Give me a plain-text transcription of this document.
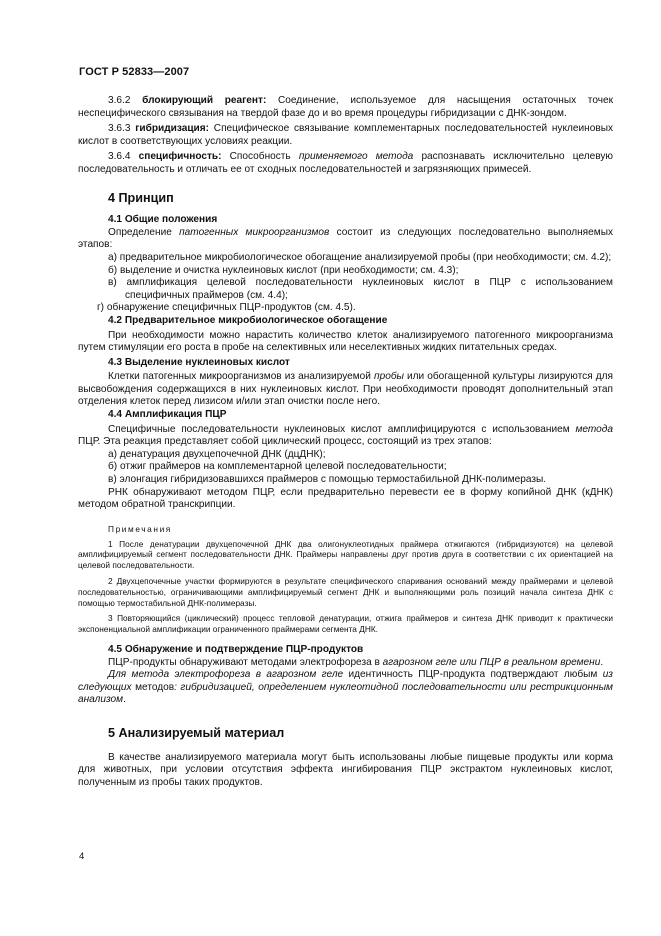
ГОСТ Р 52833—2007

3.6.2 блокирующий реагент: Соединение, используемое для насыщения остаточных точек неспецифического связывания на твердой фазе до и во время процедуры гибридизации с ДНК-зондом.

3.6.3 гибридизация: Специфическое связывание комплементарных последовательностей нуклеиновых кислот в соответствующих условиях реакции.

3.6.4 специфичность: Способность применяемого метода распознавать исключительно целевую последовательность и отличать ее от сходных последовательностей и загрязняющих примесей.

4 Принцип

4.1 Общие положения

Определение патогенных микроорганизмов состоит из следующих последовательно выполняемых этапов:

а) предварительное микробиологическое обогащение анализируемой пробы (при необходимости; см. 4.2);

б) выделение и очистка нуклеиновых кислот (при необходимости; см. 4.3);

в) амплификация целевой последовательности нуклеиновых кислот в ПЦР с использованием специфичных праймеров (см. 4.4);

г) обнаружение специфичных ПЦР-продуктов (см. 4.5).

4.2 Предварительное микробиологическое обогащение

При необходимости можно нарастить количество клеток анализируемого патогенного микроорганизма путем стимуляции его роста в пробе на селективных или неселективных жидких питательных средах.

4.3 Выделение нуклеиновых кислот

Клетки патогенных микроорганизмов из анализируемой пробы или обогащенной культуры лизируются для высвобождения содержащихся в них нуклеиновых кислот. При необходимости проводят дополнительный этап отделения клеток перед лизисом и/или этап очистки после него.

4.4 Амплификация ПЦР

Специфичные последовательности нуклеиновых кислот амплифицируются с использованием метода ПЦР. Эта реакция представляет собой циклический процесс, состоящий из трех этапов:

а) денатурация двухцепочечной ДНК (дцДНК);

б) отжиг праймеров на комплементарной целевой последовательности;

в) элонгация гибридизовавшихся праймеров с помощью термостабильной ДНК-полимеразы.

РНК обнаруживают методом ПЦР, если предварительно перевести ее в форму копийной ДНК (кДНК) методом обратной транскрипции.

Примечания

1 После денатурации двухцепочечной ДНК два олигонуклеотидных праймера отжигаются (гибридизуются) на целевой амплифицируемый сегмент последовательности ДНК. Праймеры направлены друг против друга в соответствии с их ориентацией на целевой последовательности.

2 Двухцепочечные участки формируются в результате специфического спаривания оснований между праймерами и целевой последовательностью, ограничивающими амплифицируемый сегмент ДНК и выполняющими роль позиций начала синтеза ДНК с помощью термостабильной ДНК-полимеразы.

3 Повторяющийся (циклический) процесс тепловой денатурации, отжига праймеров и синтеза ДНК приводит к практически экспоненциальной амплификации ограниченного праймерами сегмента ДНК.

4.5 Обнаружение и подтверждение ПЦР-продуктов

ПЦР-продукты обнаруживают методами электрофореза в агарозном геле или ПЦР в реальном времени.

Для метода электрофореза в агарозном геле идентичность ПЦР-продукта подтверждают любым из следующих методов: гибридизацией, определением нуклеотидной последовательности или рестрикционным анализом.

5 Анализируемый материал

В качестве анализируемого материала могут быть использованы любые пищевые продукты или корма для животных, при условии отсутствия эффекта ингибирования ПЦР экстрактом нуклеиновых кислот, полученным из пробы таких продуктов.

4
